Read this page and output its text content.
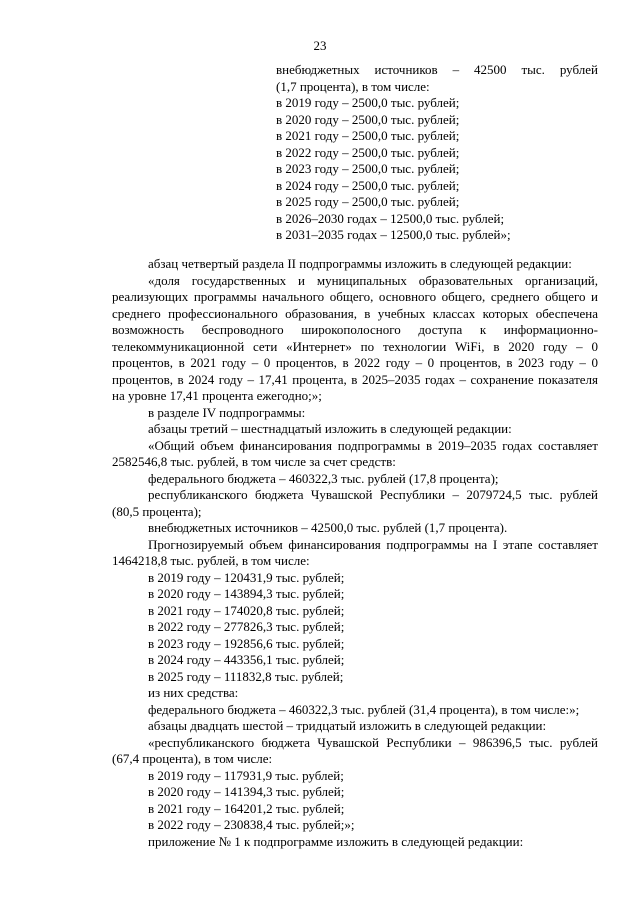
23
внебюджетных источников – 42500 тыс. рублей
(1,7 процента), в том числе:
в 2019 году – 2500,0 тыс. рублей;
в 2020 году – 2500,0 тыс. рублей;
в 2021 году – 2500,0 тыс. рублей;
в 2022 году – 2500,0 тыс. рублей;
в 2023 году – 2500,0 тыс. рублей;
в 2024 году – 2500,0 тыс. рублей;
в 2025 году – 2500,0 тыс. рублей;
в 2026–2030 годах – 12500,0 тыс. рублей;
в 2031–2035 годах – 12500,0 тыс. рублей»;

абзац четвертый раздела II подпрограммы изложить в следующей редакции:

«доля государственных и муниципальных образовательных организаций, реализующих программы начального общего, основного общего, среднего общего и среднего профессионального образования, в учебных классах которых обеспечена возможность беспроводного широкополосного доступа к информационно-телекоммуникационной сети «Интернет» по технологии WiFi, в 2020 году – 0 процентов, в 2021 году – 0 процентов, в 2022 году – 0 процентов, в 2023 году – 0 процентов, в 2024 году – 17,41 процента, в 2025–2035 годах – сохранение показателя на уровне 17,41 процента ежегодно;»;

в разделе IV подпрограммы:

абзацы третий – шестнадцатый изложить в следующей редакции:

«Общий объем финансирования подпрограммы в 2019–2035 годах составляет 2582546,8 тыс. рублей, в том числе за счет средств:

федерального бюджета – 460322,3 тыс. рублей (17,8 процента);

республиканского бюджета Чувашской Республики – 2079724,5 тыс. рублей (80,5 процента);

внебюджетных источников – 42500,0 тыс. рублей (1,7 процента).

Прогнозируемый объем финансирования подпрограммы на I этапе составляет 1464218,8 тыс. рублей, в том числе:

в 2019 году – 120431,9 тыс. рублей;
в 2020 году – 143894,3 тыс. рублей;
в 2021 году – 174020,8 тыс. рублей;
в 2022 году – 277826,3 тыс. рублей;
в 2023 году – 192856,6 тыс. рублей;
в 2024 году – 443356,1 тыс. рублей;
в 2025 году – 111832,8 тыс. рублей;

из них средства:

федерального бюджета – 460322,3 тыс. рублей (31,4 процента), в том числе:»;

абзацы двадцать шестой – тридцатый изложить в следующей редакции:

«республиканского бюджета Чувашской Республики – 986396,5 тыс. рублей (67,4 процента), в том числе:

в 2019 году – 117931,9 тыс. рублей;
в 2020 году – 141394,3 тыс. рублей;
в 2021 году – 164201,2 тыс. рублей;
в 2022 году – 230838,4 тыс. рублей;»;

приложение № 1 к подпрограмме изложить в следующей редакции:
